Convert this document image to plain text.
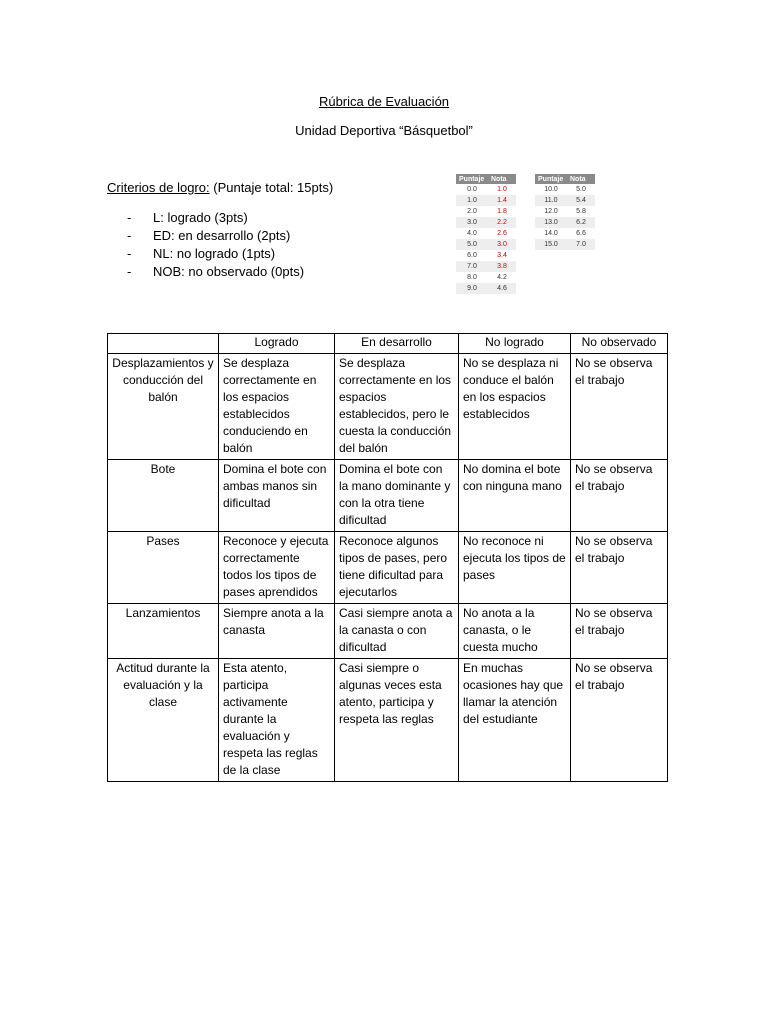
Rúbrica de Evaluación
Unidad Deportiva “Básquetbol”
Criterios de logro: (Puntaje total: 15pts)
- L: logrado (3pts)
- ED: en desarrollo (2pts)
- NL: no logrado (1pts)
- NOB: no observado (0pts)
Puntaje	Nota
0.0	1.0
1.0	1.4
2.0	1.8
3.0	2.2
4.0	2.6
5.0	3.0
6.0	3.4
7.0	3.8
8.0	4.2
9.0	4.6
Puntaje	Nota
10.0	5.0
11.0	5.4
12.0	5.8
13.0	6.2
14.0	6.6
15.0	7.0
	Logrado	En desarrollo	No logrado	No observado
Desplazamientos y conducción del balón	Se desplaza correctamente en los espacios establecidos conduciendo en balón	Se desplaza correctamente en los espacios establecidos, pero le cuesta la conducción del balón	No se desplaza ni conduce el balón en los espacios establecidos	No se observa el trabajo
Bote	Domina el bote con ambas manos sin dificultad	Domina el bote con la mano dominante y con la otra tiene dificultad	No domina el bote con ninguna mano	No se observa el trabajo
Pases	Reconoce y ejecuta correctamente todos los tipos de pases aprendidos	Reconoce algunos tipos de pases, pero tiene dificultad para ejecutarlos	No reconoce ni ejecuta los tipos de pases	No se observa el trabajo
Lanzamientos	Siempre anota a la canasta	Casi siempre anota a la canasta o con dificultad	No anota a la canasta, o le cuesta mucho	No se observa el trabajo
Actitud durante la evaluación y la clase	Esta atento, participa activamente durante la evaluación y respeta las reglas de la clase	Casi siempre o algunas veces esta atento, participa y respeta las reglas	En muchas ocasiones hay que llamar la atención del estudiante	No se observa el trabajo
